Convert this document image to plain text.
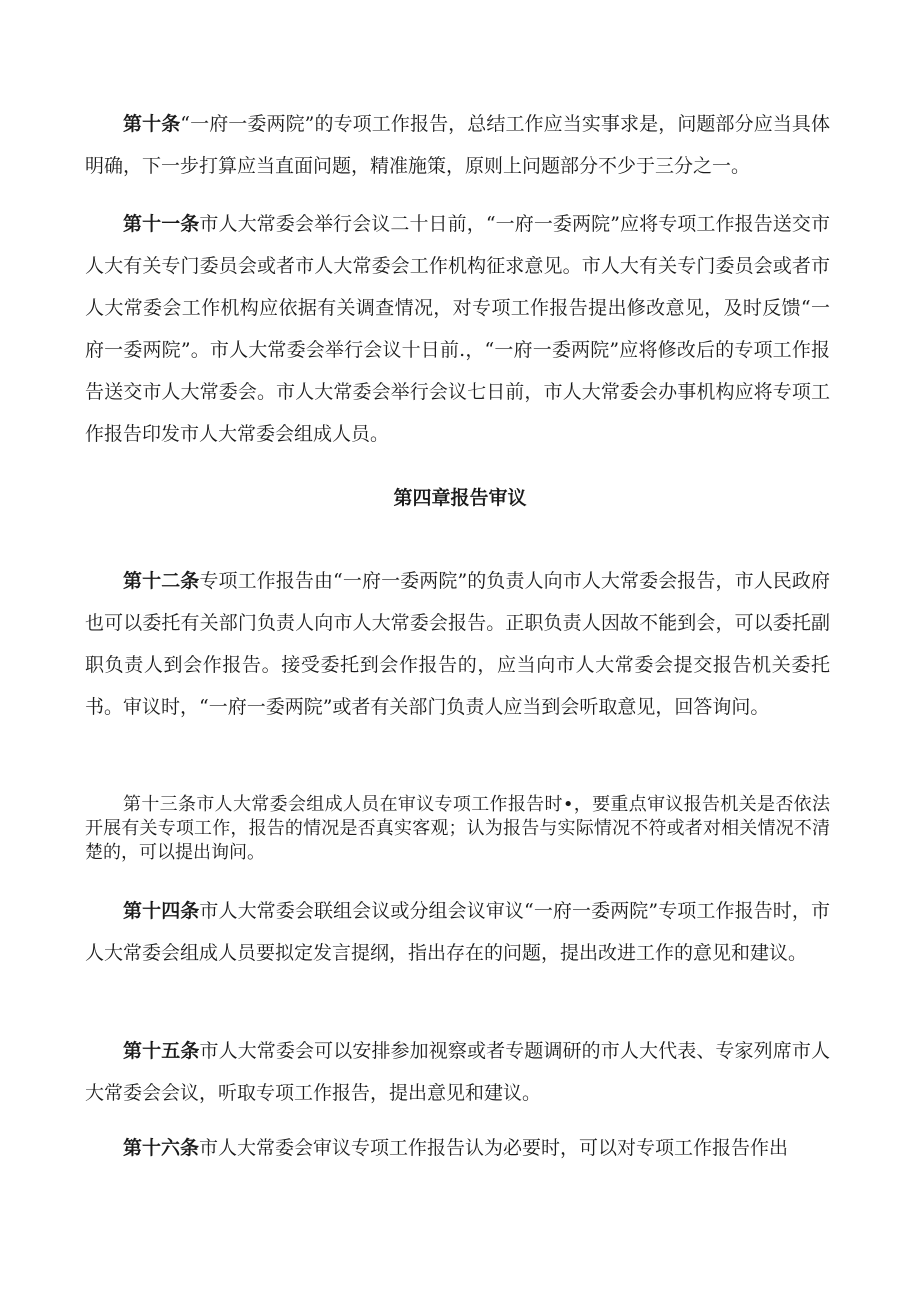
第十条“一府一委两院”的专项工作报告，总结工作应当实事求是，问题部分应当具体明确，下一步打算应当直面问题，精准施策，原则上问题部分不少于三分之一。

第十一条市人大常委会举行会议二十日前，“一府一委两院”应将专项工作报告送交市人大有关专门委员会或者市人大常委会工作机构征求意见。市人大有关专门委员会或者市人大常委会工作机构应依据有关调查情况，对专项工作报告提出修改意见，及时反馈“一府一委两院”。市人大常委会举行会议十日前.，“一府一委两院”应将修改后的专项工作报告送交市人大常委会。市人大常委会举行会议七日前，市人大常委会办事机构应将专项工作报告印发市人大常委会组成人员。

第四章报告审议

第十二条专项工作报告由“一府一委两院”的负责人向市人大常委会报告，市人民政府也可以委托有关部门负责人向市人大常委会报告。正职负责人因故不能到会，可以委托副职负责人到会作报告。接受委托到会作报告的，应当向市人大常委会提交报告机关委托书。审议时，“一府一委两院”或者有关部门负责人应当到会听取意见，回答询问。

第十三条市人大常委会组成人员在审议专项工作报告时•，要重点审议报告机关是否依法开展有关专项工作，报告的情况是否真实客观；认为报告与实际情况不符或者对相关情况不清楚的，可以提出询问。

第十四条市人大常委会联组会议或分组会议审议“一府一委两院”专项工作报告时，市人大常委会组成人员要拟定发言提纲，指出存在的问题，提出改进工作的意见和建议。

第十五条市人大常委会可以安排参加视察或者专题调研的市人大代表、专家列席市人大常委会会议，听取专项工作报告，提出意见和建议。

第十六条市人大常委会审议专项工作报告认为必要时，可以对专项工作报告作出
